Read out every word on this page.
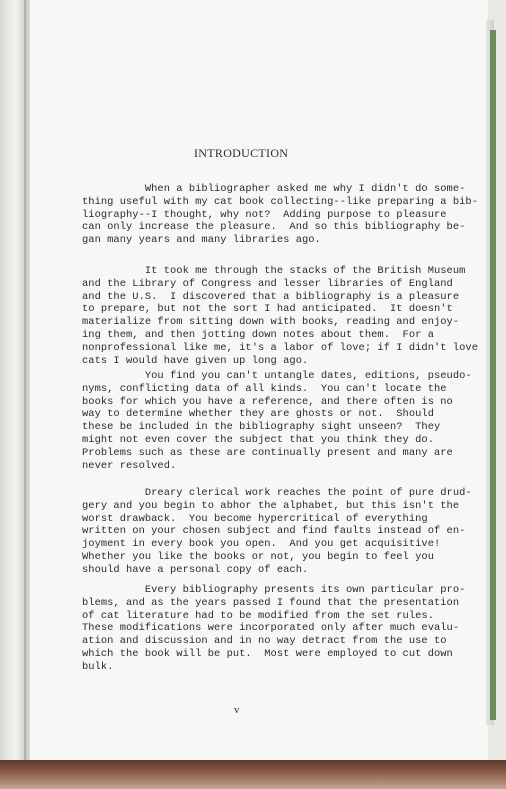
INTRODUCTION
When a bibliographer asked me why I didn't do some-
thing useful with my cat book collecting--like preparing a
liography--I thought, why not?  Adding purpose to pleasure
can only increase the pleasure.  And so this bibliography
gan many years and many libraries ago.
It took me through the stacks of the British Museum
and the Library of Congress and lesser libraries of England
and the U.S.  I discovered that a bibliography is a pleasure
to prepare, but not the sort I had anticipated.  It doesn't
materialize from sitting down with books, reading and enjoy-
ing them, and then jotting down notes about them.  For a
nonprofessional like me, it's a labor of love; if I didn't
cats I would have given up long ago.
You find you can't untangle dates, editions, pseudo-
nyms, conflicting data of all kinds.  You can't locate the
books for which you have a reference, and there often is no
way to determine whether they are ghosts or not.  Should
these be included in the bibliography sight unseen?  They
might not even cover the subject that you think they do.
Problems such as these are continually present and many are
never resolved.
Dreary clerical work reaches the point of pure
gery and you begin to abhor the alphabet, but this isn't the
worst drawback.  You become hypercritical of everything
written on your chosen subject and find faults instead of
joyment in every book you open.  And you get acquisitive!
Whether you like the books or not, you begin to feel you
should have a personal copy of each.
Every bibliography presents its own particular pro-
blems, and as the years passed I found that the presentation
of cat literature had to be modified from the set rules.
These modifications were incorporated only after much evalu-
ation and discussion and in no way detract from the use to
which the book will be put.  Most were employed to cut down
bulk.
v
